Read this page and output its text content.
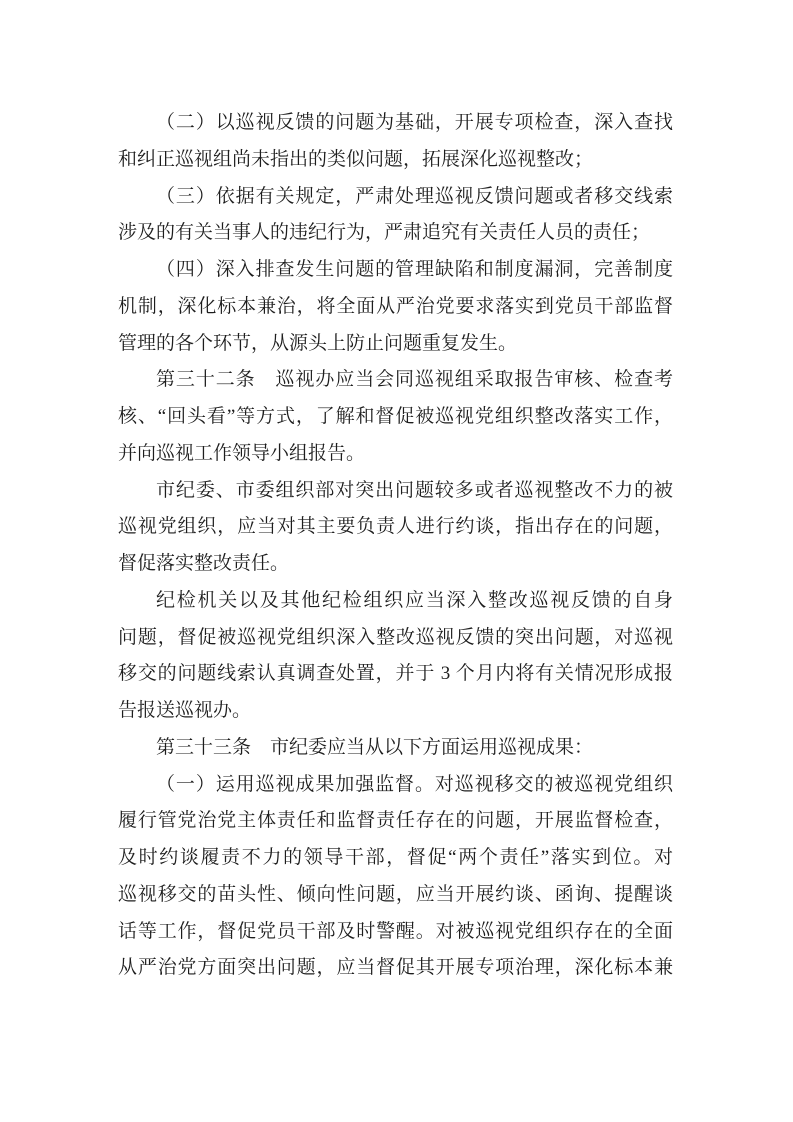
（二）以巡视反馈的问题为基础，开展专项检查，深入查找
和纠正巡视组尚未指出的类似问题，拓展深化巡视整改；
（三）依据有关规定，严肃处理巡视反馈问题或者移交线索
涉及的有关当事人的违纪行为，严肃追究有关责任人员的责任；
（四）深入排查发生问题的管理缺陷和制度漏洞，完善制度
机制，深化标本兼治，将全面从严治党要求落实到党员干部监督
管理的各个环节，从源头上防止问题重复发生。
第三十二条　巡视办应当会同巡视组采取报告审核、检查考
核、“回头看”等方式，了解和督促被巡视党组织整改落实工作，
并向巡视工作领导小组报告。
市纪委、市委组织部对突出问题较多或者巡视整改不力的被
巡视党组织，应当对其主要负责人进行约谈，指出存在的问题，
督促落实整改责任。
纪检机关以及其他纪检组织应当深入整改巡视反馈的自身
问题，督促被巡视党组织深入整改巡视反馈的突出问题，对巡视
移交的问题线索认真调查处置，并于 3 个月内将有关情况形成报
告报送巡视办。
第三十三条　市纪委应当从以下方面运用巡视成果：
（一）运用巡视成果加强监督。对巡视移交的被巡视党组织
履行管党治党主体责任和监督责任存在的问题，开展监督检查，
及时约谈履责不力的领导干部，督促“两个责任”落实到位。对
巡视移交的苗头性、倾向性问题，应当开展约谈、函询、提醒谈
话等工作，督促党员干部及时警醒。对被巡视党组织存在的全面
从严治党方面突出问题，应当督促其开展专项治理，深化标本兼
